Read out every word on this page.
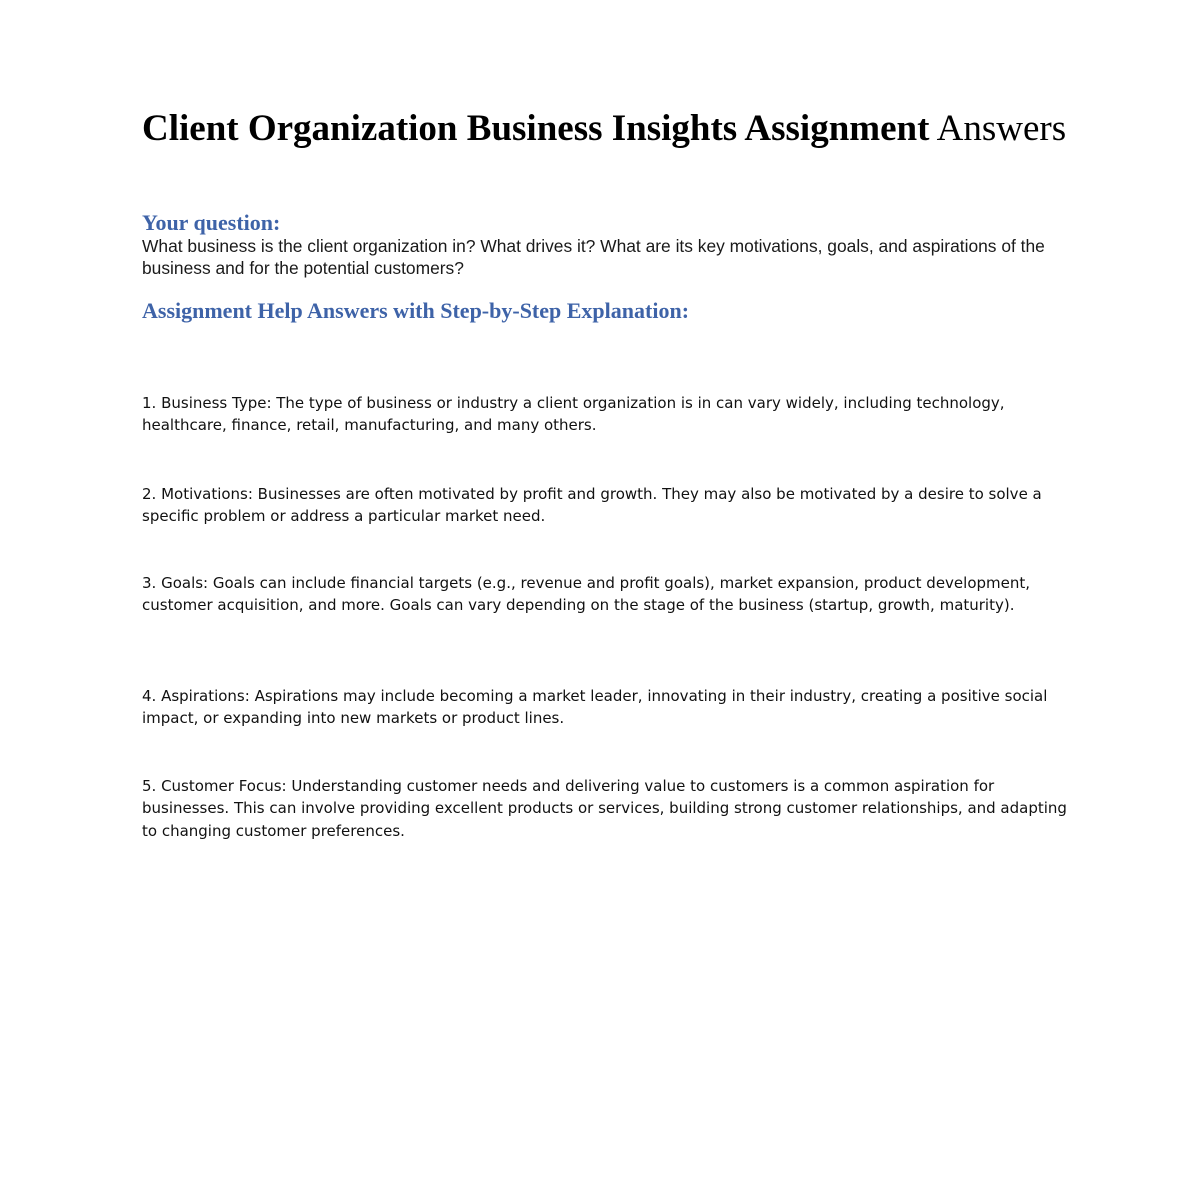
Client Organization Business Insights Assignment Answers
Your question:

What business is the client organization in? What drives it? What are its key motivations, goals, and aspirations of the business and for the potential customers?

Assignment Help Answers with Step-by-Step Explanation:

1. Business Type: The type of business or industry a client organization is in can vary widely, including technology, healthcare, finance, retail, manufacturing, and many others.

2. Motivations: Businesses are often motivated by profit and growth. They may also be motivated by a desire to solve a specific problem or address a particular market need.

3. Goals: Goals can include financial targets (e.g., revenue and profit goals), market expansion, product development, customer acquisition, and more. Goals can vary depending on the stage of the business (startup, growth, maturity).

4. Aspirations: Aspirations may include becoming a market leader, innovating in their industry, creating a positive social impact, or expanding into new markets or product lines.

5. Customer Focus: Understanding customer needs and delivering value to customers is a common aspiration for businesses. This can involve providing excellent products or services, building strong customer relationships, and adapting to changing customer preferences.
